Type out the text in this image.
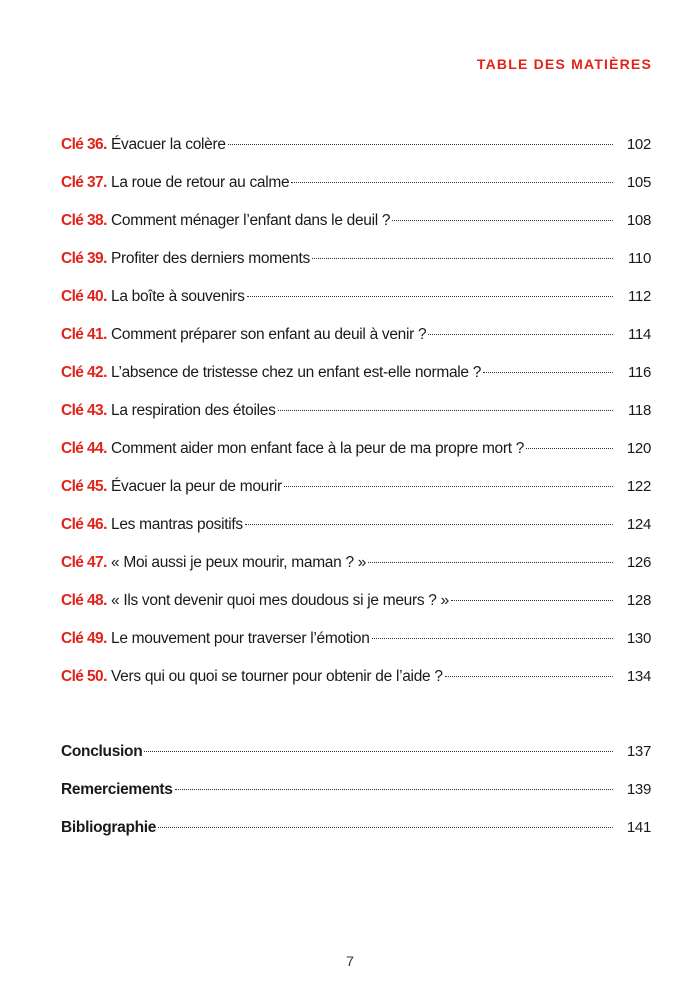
TABLE DES MATIÈRES
Clé 36. Évacuer la colère	102
Clé 37. La roue de retour au calme	105
Clé 38. Comment ménager l’enfant dans le deuil ?	108
Clé 39. Profiter des derniers moments	110
Clé 40. La boîte à souvenirs	112
Clé 41. Comment préparer son enfant au deuil à venir ?	114
Clé 42. L’absence de tristesse chez un enfant est-elle normale ?	116
Clé 43. La respiration des étoiles	118
Clé 44. Comment aider mon enfant face à la peur de ma propre mort ?	120
Clé 45. Évacuer la peur de mourir	122
Clé 46. Les mantras positifs	124
Clé 47. « Moi aussi je peux mourir, maman ? »	126
Clé 48. « Ils vont devenir quoi mes doudous si je meurs ? »	128
Clé 49. Le mouvement pour traverser l’émotion	130
Clé 50. Vers qui ou quoi se tourner pour obtenir de l’aide ?	134
Conclusion	137
Remerciements	139
Bibliographie	141
7
